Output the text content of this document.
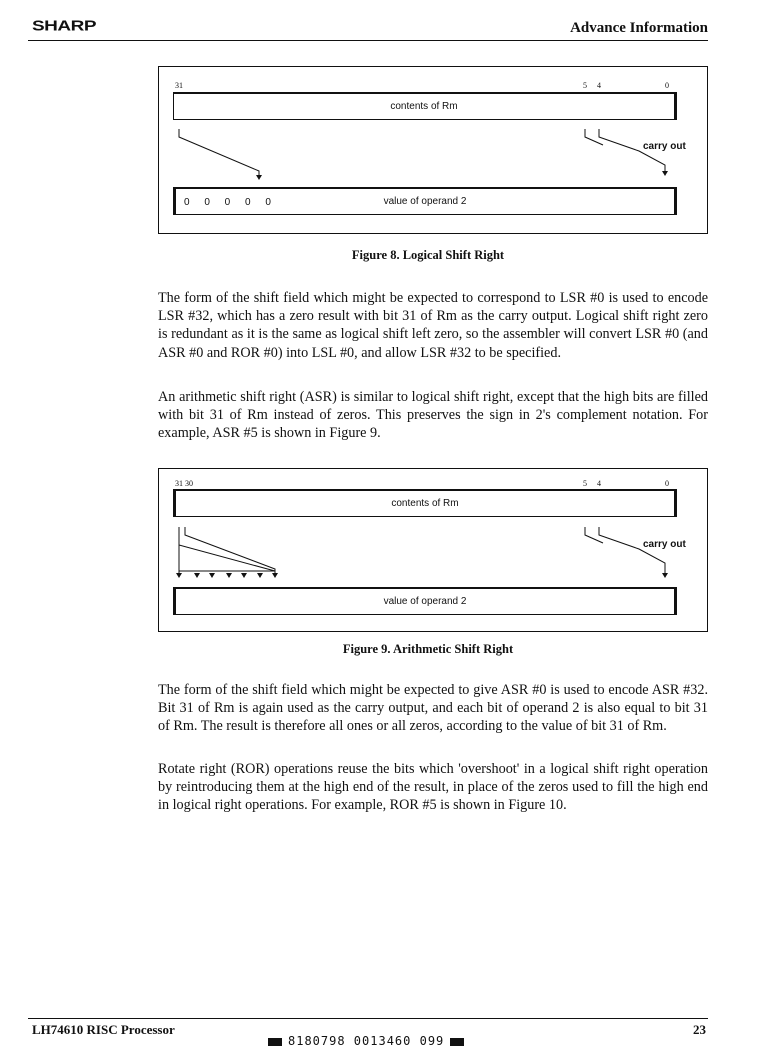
SHARP	Advance Information
31	5 4	0
contents of Rm
carry out
0 0 0 0 0	value of operand 2
Figure 8. Logical Shift Right
The form of the shift field which might be expected to correspond to LSR #0 is used to encode LSR #32, which has a zero result with bit 31 of Rm as the carry output. Logical shift right zero is redundant as it is the same as logical shift left zero, so the assembler will convert LSR #0 (and ASR #0 and ROR #0) into LSL #0, and allow LSR #32 to be specified.
An arithmetic shift right (ASR) is similar to logical shift right, except that the high bits are filled with bit 31 of Rm instead of zeros. This preserves the sign in 2's complement notation. For example, ASR #5 is shown in Figure 9.
31 30	5 4	0
contents of Rm
carry out
value of operand 2
Figure 9. Arithmetic Shift Right
The form of the shift field which might be expected to give ASR #0 is used to encode ASR #32. Bit 31 of Rm is again used as the carry output, and each bit of operand 2 is also equal to bit 31 of Rm. The result is therefore all ones or all zeros, according to the value of bit 31 of Rm.
Rotate right (ROR) operations reuse the bits which 'overshoot' in a logical shift right operation by reintroducing them at the high end of the result, in place of the zeros used to fill the high end in logical right operations. For example, ROR #5 is shown in Figure 10.
LH74610 RISC Processor	23
8180798 0013460 099
